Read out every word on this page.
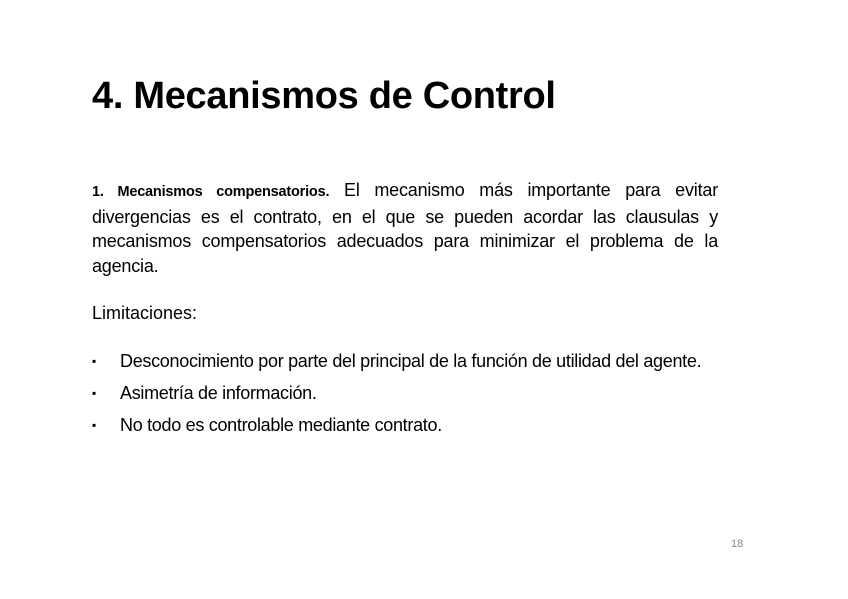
4. Mecanismos de Control

1. Mecanismos compensatorios. El mecanismo más importante para evitar divergencias es el contrato, en el que se pueden acordar las clausulas y mecanismos compensatorios adecuados para minimizar el problema de la agencia.

Limitaciones:

▪	Desconocimiento por parte del principal de la función de utilidad del agente.
▪	Asimetría de información.
▪	No todo es controlable mediante contrato.
18
